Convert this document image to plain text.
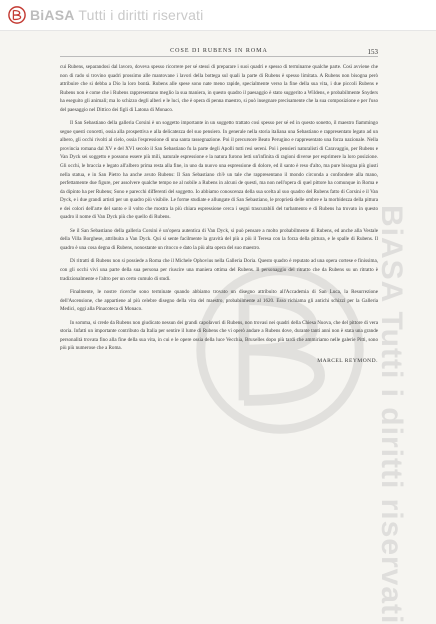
BiASA Tutti i diritti riservati
BiASA Tutti i diritti riservati
COSE DI RUBENS IN ROMA	153

cui Rubens, separandosi dal lavoro, doveva spesso ricorrere per sé stessi di preparare i suoi quadri e spesso di terminarne qualche parte. Così avviene che non di rado si trovino quadri prossimo alle mantovane i lavori della bottega sul quali la parte di Rubens è spesso limitata. A Rubens non bisogna però attribuire che si debba a Dio la loro bontà. Rubens alle spese sono nate meno rapide, specialmente verso la fine della sua vita, i due piccoli Rubens e Rubens non è come che i Rubens rappresentano meglio la sua maniera, in questo quadro il paesaggio è stato suggerito a Wildens, e probabilmente Snyders ha eseguito gli animali; ma lo schizzo degli alberi e le luci, che è opera di penna maestro, si può insegnare precisamente che la sua composizione e per l'uso del paesaggio nel Dittico dei figli di Latona di Monaco.

Il San Sebastiano della galleria Corsini è un soggetto importante in un soggetto trattato così spesso per sé ed in questo sonetto, il maestro fiammingo segue questi concetti, ossia alla prospettiva e alla delicatezza del suo pensiero. In generale nella storia italiana una Sebastiano e rappresentato legato ad un albero, gli occhi rivolti al cielo, ossia l'espressione di una santa rassegnazione. Poi il precursore Beato Perugino e rappresentato una forza nazionale. Nella provincia romana dal XV e del XVI secolo il San Sebastiano fu la parte degli Apolli tutti resi sereni. Poi i pensieri naturalisti di Caravaggio, per Rubens e Van Dyck sei soggetto e possono essere più mili, naturale espressione e la natura furono letti un'infinita di ragioni diverse per esprimere la loro posizione. Gli occhi, le braccia e legato all'albero prima resta alla fine, in uno da nuovo una espressione di dolore, ed il santo è reso d'alto, ma pure bisogna più giusti nella statua, e in San Pietro ha anche avuto Rubens: Il San Sebastiano ch'è un tale che rappresentano il mondo circonda a confondere alla mano, perfettamente due figure, per assolvere qualche tempo ne al nobile a Rubens in alcuni de questi, ma non nell'opera di quel pittore ha comunque in Roma e da dipinto ha per Rubens; Sono e parecchi differenti del soggetto. Io abbiamo conoscenza della sua scelta al suo quadro del Rubens fatto di Corsini e il Van Dyck, e i due grandi artisti per un quadro più visibile. Le forme studiate e allungate di San Sebastiano, le proprietà delle ombre e la morbidezza della pittura e dei colori dell'arte del santo e il volto che mostra la più chiara espressione cerca i segni trascurabili del turbamento e di Rubens ha trovato in questo quadro il nome di Van Dyck più che quello di Rubens.

Se il San Sebastiano della galleria Corsini è un'opera autentica di Van Dyck, si può pensare a molto probabilmente di Rubens, ed anche alla Vestale della Villa Borghese, attribuita a Van Dyck. Qui si sente facilmente la gravità del più a più il Teresa con la forza della pittura, e le spalle di Rubens. Il quadro è una cosa degna di Rubens, nonostante un ritocco e dato la più alta opera del suo maestro.

Di ritratti di Rubens non si possiede a Roma che il Michele Ophovius nella Galleria Doria. Questo quadro è reputato ad una opera cortese e finissima, con gli occhi vivi una parte della sua persona per riuscire una maniera ottima del Rubens. Il personaggio del ritratto che da Rubens su un ritratto è tradizionalmente e l'altro per un certo cumulo di studi.

Finalmente, le nostre ricerche sono terminate quando abbiamo trovato un disegno attribuito all'Accademia di San Luca, la Resurrezione dell'Ascensione, che appartiene al più celebre disegno della vita del maestro, probabilmente al 1620. Esso richiama gli antichi schizzi per la Galleria Medici, oggi alla Pinacoteca di Monaco.

In somma, si crede da Rubens non giudicato nessun dei grandi capolavori di Rubens, non trovasi nei quadri della Chiesa Nuova, che del pittore di vera storia. Infatti un importante contributo da Italia per sentire il lume di Rubens che vi operò andare a Rubens dove, durante tanti anni non è stata una grande personalità trovata fino alla fine della sua vita, in cui e le opere ossia della luce Vecchia, Bruxelles dopo più tardi che ammiriamo nelle galerie Pitti, sono più più numerose che a Roma.

MARCEL REYMOND.
